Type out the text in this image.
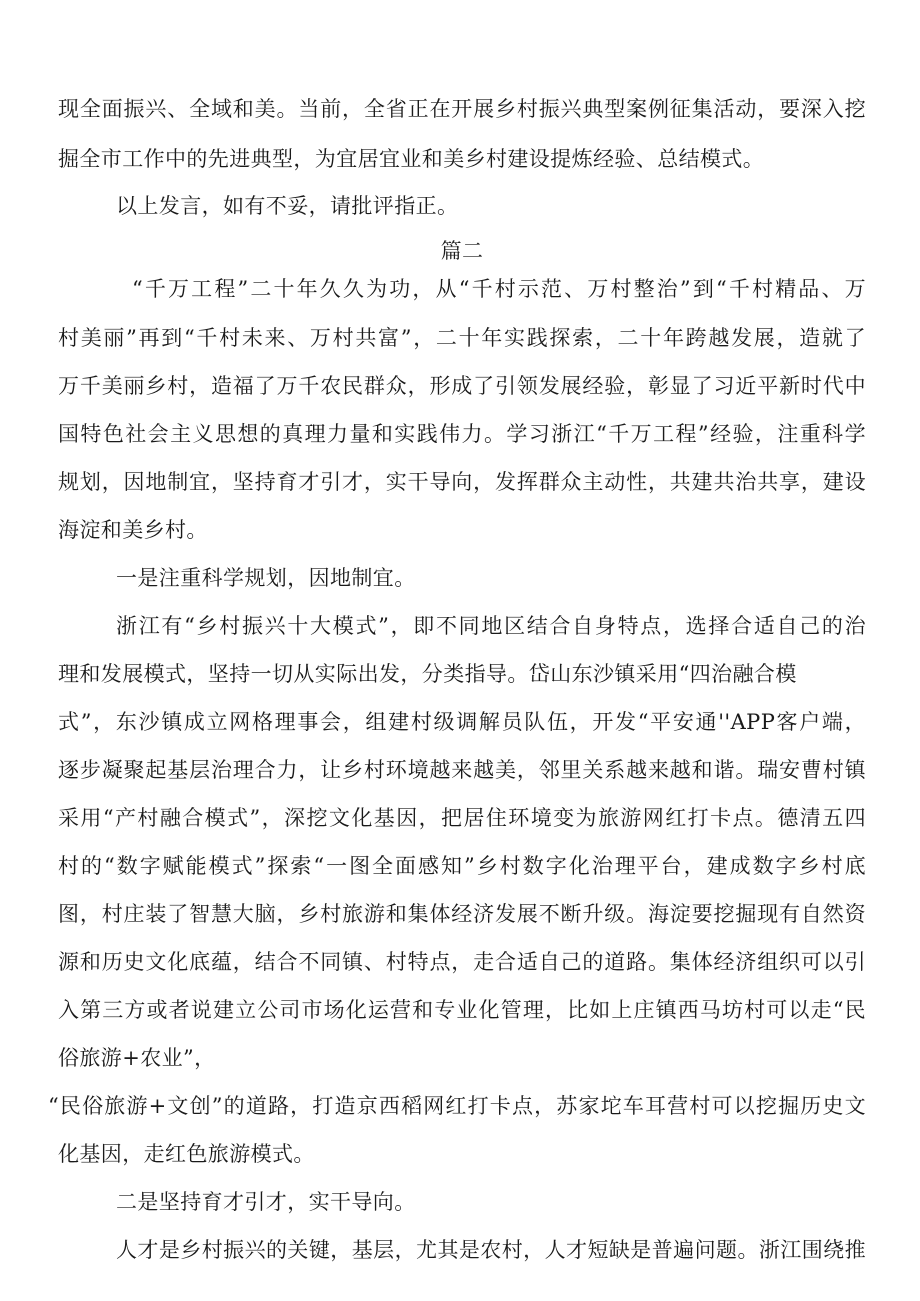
现全面振兴、全域和美。当前，全省正在开展乡村振兴典型案例征集活动，要深入挖
掘全市工作中的先进典型，为宜居宜业和美乡村建设提炼经验、总结模式。
以上发言，如有不妥，请批评指正。
篇二
“千万工程”二十年久久为功，从“千村示范、万村整治”到“千村精品、万
村美丽”再到“千村未来、万村共富”，二十年实践探索，二十年跨越发展，造就了
万千美丽乡村，造福了万千农民群众，形成了引领发展经验，彰显了习近平新时代中
国特色社会主义思想的真理力量和实践伟力。学习浙江“千万工程”经验，注重科学
规划，因地制宜，坚持育才引才，实干导向，发挥群众主动性，共建共治共享，建设
海淀和美乡村。
一是注重科学规划，因地制宜。
浙江有“乡村振兴十大模式”，即不同地区结合自身特点，选择合适自己的治
理和发展模式，坚持一切从实际出发，分类指导。岱山东沙镇采用“四治融合模
式”，东沙镇成立网格理事会，组建村级调解员队伍，开发“平安通''APP客户端，
逐步凝聚起基层治理合力，让乡村环境越来越美，邻里关系越来越和谐。瑞安曹村镇
采用“产村融合模式”，深挖文化基因，把居住环境变为旅游网红打卡点。德清五四
村的“数字赋能模式”探索“一图全面感知”乡村数字化治理平台，建成数字乡村底
图，村庄装了智慧大脑，乡村旅游和集体经济发展不断升级。海淀要挖掘现有自然资
源和历史文化底蕴，结合不同镇、村特点，走合适自己的道路。集体经济组织可以引
入第三方或者说建立公司市场化运营和专业化管理，比如上庄镇西马坊村可以走“民
俗旅游+农业”，
“民俗旅游+文创”的道路，打造京西稻网红打卡点，苏家坨车耳营村可以挖掘历史文
化基因，走红色旅游模式。
二是坚持育才引才，实干导向。
人才是乡村振兴的关键，基层，尤其是农村，人才短缺是普遍问题。浙江围绕推
